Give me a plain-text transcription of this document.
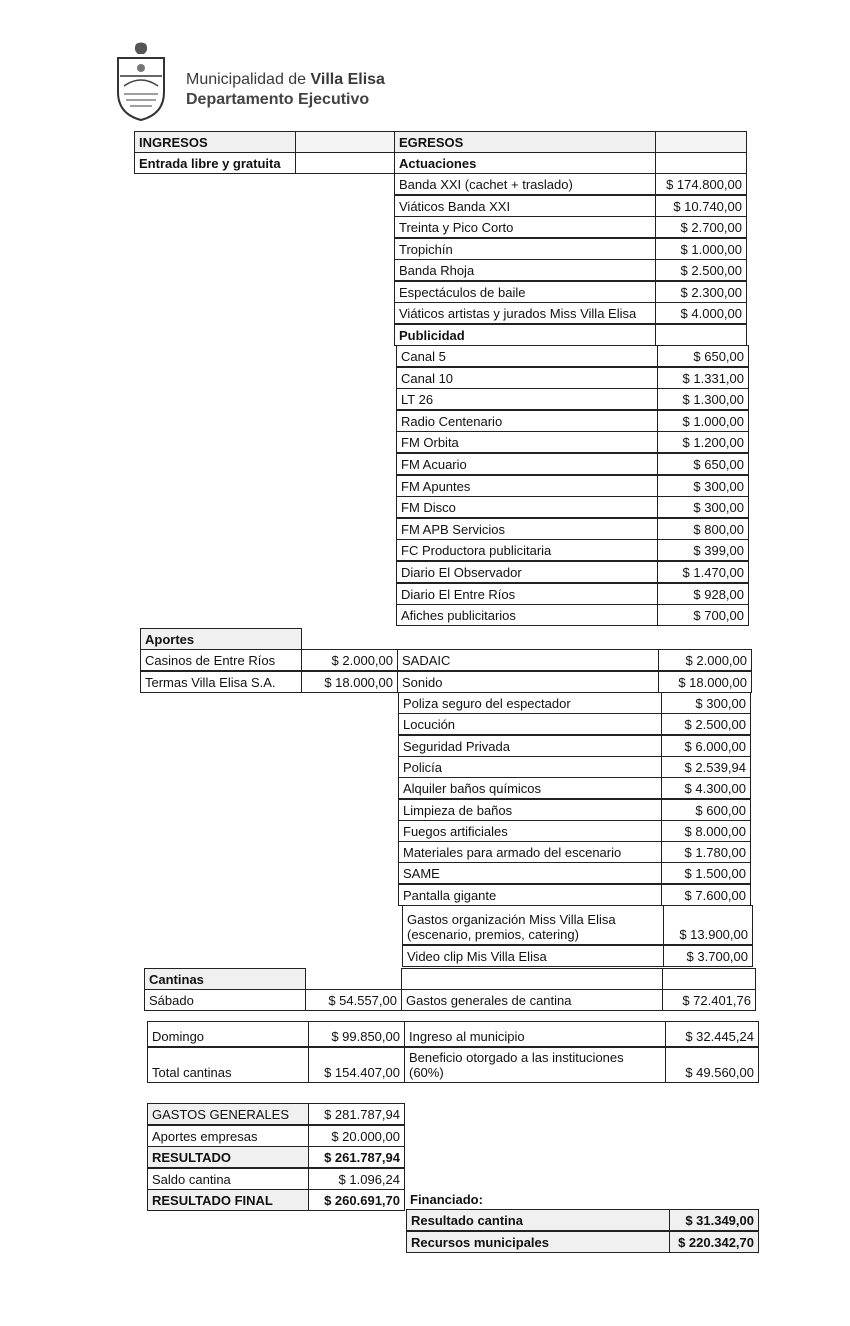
Municipalidad de Villa Elisa
Departamento Ejecutivo
INGRESOS	EGRESOS
Entrada libre y gratuita	Actuaciones
Banda XXI (cachet + traslado)	$ 174.800,00
Viáticos Banda XXI	$ 10.740,00
Treinta y Pico Corto	$ 2.700,00
Tropichín	$ 1.000,00
Banda Rhoja	$ 2.500,00
Espectáculos de baile	$ 2.300,00
Viáticos artistas y jurados Miss Villa Elisa	$ 4.000,00
Publicidad
Canal 5	$ 650,00
Canal 10	$ 1.331,00
LT 26	$ 1.300,00
Radio Centenario	$ 1.000,00
FM Orbita	$ 1.200,00
FM Acuario	$ 650,00
FM Apuntes	$ 300,00
FM Disco	$ 300,00
FM APB Servicios	$ 800,00
FC Productora publicitaria	$ 399,00
Diario El Observador	$ 1.470,00
Diario El Entre Ríos	$ 928,00
Afiches publicitarios	$ 700,00
Aportes
Casinos de Entre Ríos	$ 2.000,00 SADAIC	$ 2.000,00
Termas Villa Elisa S.A.	$ 18.000,00 Sonido	$ 18.000,00
Poliza seguro del espectador	$ 300,00
Locución	$ 2.500,00
Seguridad Privada	$ 6.000,00
Policía	$ 2.539,94
Alquiler baños químicos	$ 4.300,00
Limpieza de baños	$ 600,00
Fuegos artificiales	$ 8.000,00
Materiales para armado del escenario	$ 1.780,00
SAME	$ 1.500,00
Pantalla gigante	$ 7.600,00
Gastos organización Miss Villa Elisa
(escenario, premios, catering)	$ 13.900,00
Video clip Mis Villa Elisa	$ 3.700,00
Cantinas
Sábado	$ 54.557,00 Gastos generales de cantina	$ 72.401,76
Domingo	$ 99.850,00 Ingreso al municipio	$ 32.445,24
Total cantinas	$ 154.407,00
Beneficio otorgado a las instituciones
(60%)	$ 49.560,00
GASTOS GENERALES	$ 281.787,94
Aportes empresas	$ 20.000,00
RESULTADO	$ 261.787,94
Saldo cantina	$ 1.096,24
RESULTADO FINAL	$ 260.691,70 Financiado:
Resultado cantina	$ 31.349,00
Recursos municipales	$ 220.342,70
